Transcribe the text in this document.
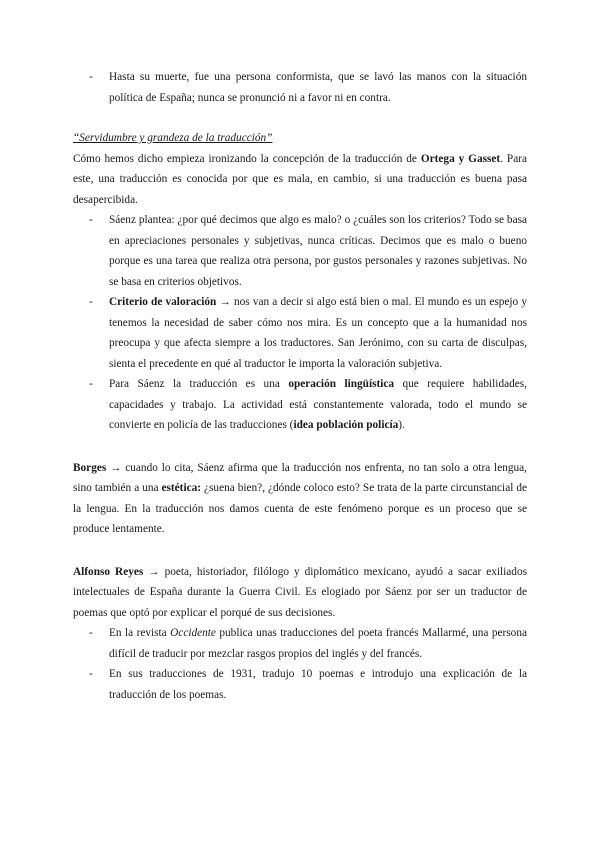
- Hasta su muerte, fue una persona conformista, que se lavó las manos con la situación política de España; nunca se pronunció ni a favor ni en contra.

“Servidumbre y grandeza de la traducción”

Cómo hemos dicho empieza ironizando la concepción de la traducción de Ortega y Gasset. Para este, una traducción es conocida por que es mala, en cambio, si una traducción es buena pasa desapercibida.

- Sáenz plantea: ¿por qué decimos que algo es malo? o ¿cuáles son los criterios? Todo se basa en apreciaciones personales y subjetivas, nunca críticas. Decimos que es malo o bueno porque es una tarea que realiza otra persona, por gustos personales y razones subjetivas. No se basa en criterios objetivos.

- Criterio de valoración → nos van a decir si algo está bien o mal. El mundo es un espejo y tenemos la necesidad de saber cómo nos mira. Es un concepto que a la humanidad nos preocupa y que afecta siempre a los traductores. San Jerónimo, con su carta de disculpas, sienta el precedente en qué al traductor le importa la valoración subjetiva.

- Para Sáenz la traducción es una operación lingüística que requiere habilidades, capacidades y trabajo. La actividad está constantemente valorada, todo el mundo se convierte en policía de las traducciones (idea población policía).

Borges → cuando lo cita, Sáenz afirma que la traducción nos enfrenta, no tan solo a otra lengua, sino también a una estética: ¿suena bien?, ¿dónde coloco esto? Se trata de la parte circunstancial de la lengua. En la traducción nos damos cuenta de este fenómeno porque es un proceso que se produce lentamente.

Alfonso Reyes → poeta, historiador, filólogo y diplomático mexicano, ayudó a sacar exiliados intelectuales de España durante la Guerra Civil. Es elogiado por Sáenz por ser un traductor de poemas que optó por explicar el porqué de sus decisiones.

- En la revista Occidente publica unas traducciones del poeta francés Mallarmé, una persona difícil de traducir por mezclar rasgos propios del inglés y del francés.

- En sus traducciones de 1931, tradujo 10 poemas e introdujo una explicación de la traducción de los poemas.
